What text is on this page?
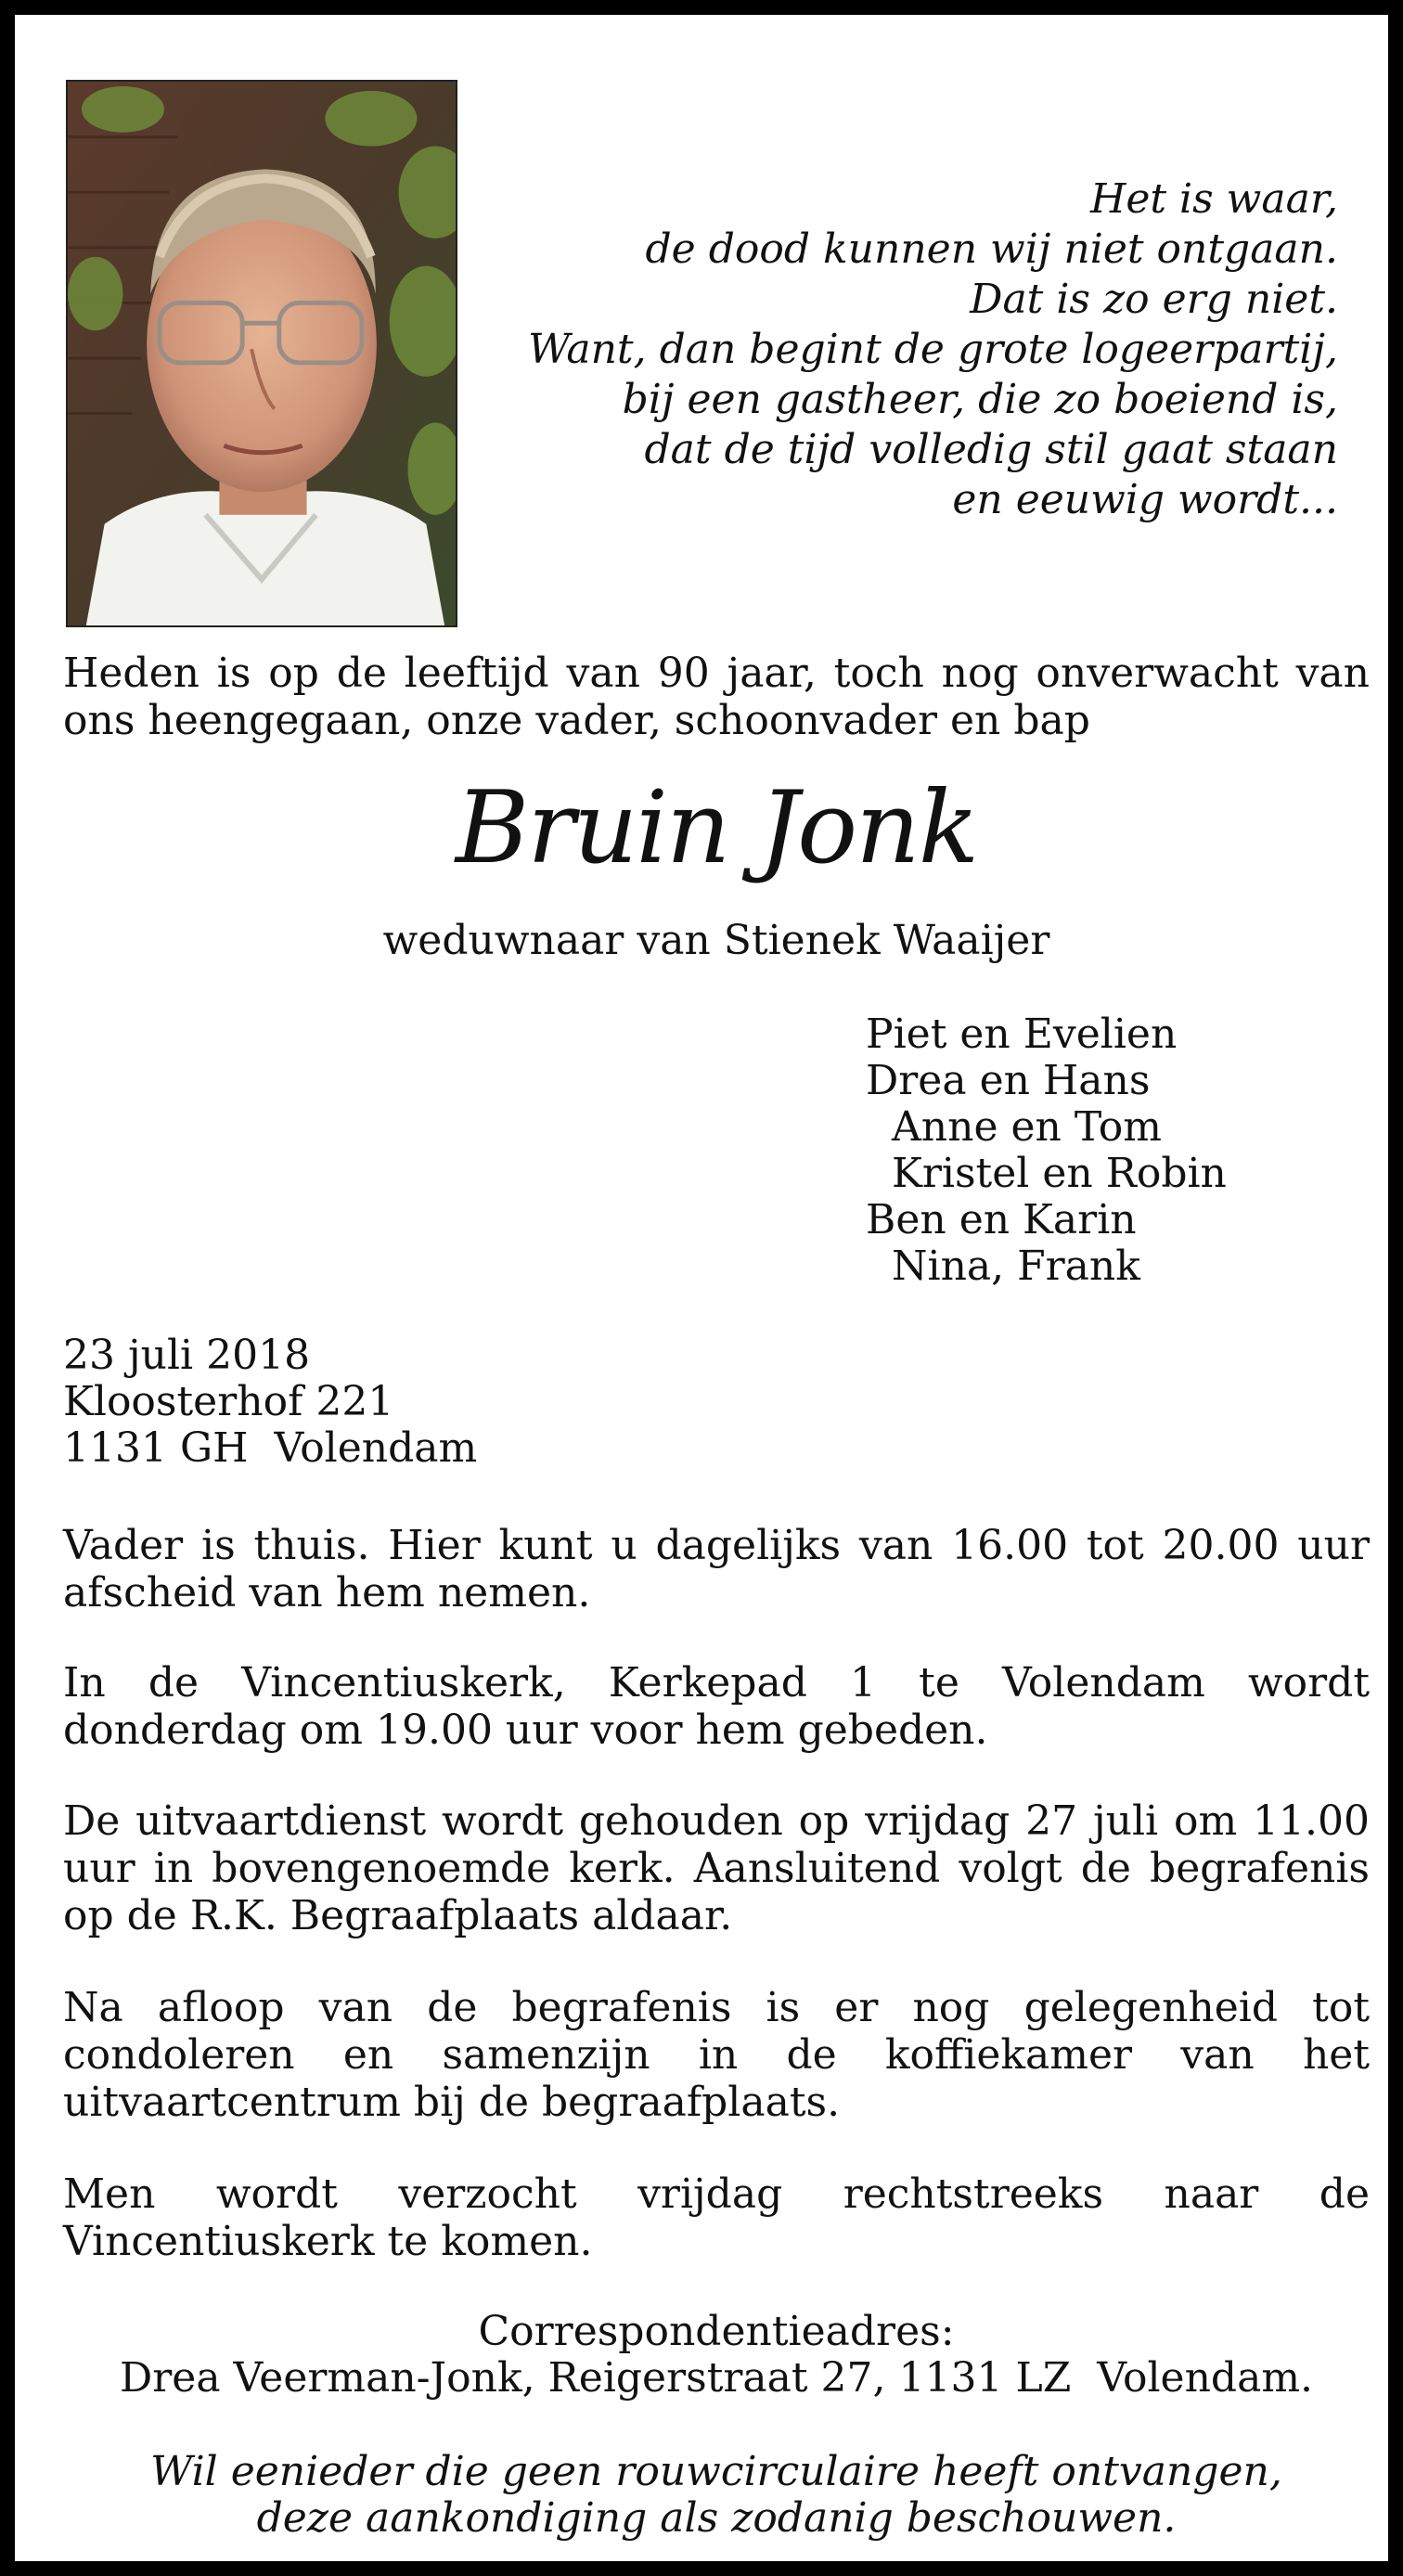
Het is waar,
de dood kunnen wij niet ontgaan.
Dat is zo erg niet.
Want, dan begint de grote logeerpartij,
bij een gastheer, die zo boeiend is,
dat de tijd volledig stil gaat staan
en eeuwig wordt...
Heden is op de leeftijd van 90 jaar, toch nog onverwacht van ons heengegaan, onze vader, schoonvader en bap
Bruin Jonk
weduwnaar van Stienek Waaijer
Piet en Evelien
Drea en Hans
Anne en Tom
Kristel en Robin
Ben en Karin
Nina, Frank
23 juli 2018
Kloosterhof 221
1131 GH  Volendam
Vader is thuis. Hier kunt u dagelijks van 16.00 tot 20.00 uur afscheid van hem nemen.
In de Vincentiuskerk, Kerkepad 1 te Volendam wordt donderdag om 19.00 uur voor hem gebeden.
De uitvaartdienst wordt gehouden op vrijdag 27 juli om 11.00 uur in bovengenoemde kerk. Aansluitend volgt de begrafenis op de R.K. Begraafplaats aldaar.
Na afloop van de begrafenis is er nog gelegenheid tot condoleren en samenzijn in de koffiekamer van het uitvaartcentrum bij de begraafplaats.
Men wordt verzocht vrijdag rechtstreeks naar de Vincentiuskerk te komen.
Correspondentieadres:
Drea Veerman-Jonk, Reigerstraat 27, 1131 LZ  Volendam.
Wil eenieder die geen rouwcirculaire heeft ontvangen,
deze aankondiging als zodanig beschouwen.
